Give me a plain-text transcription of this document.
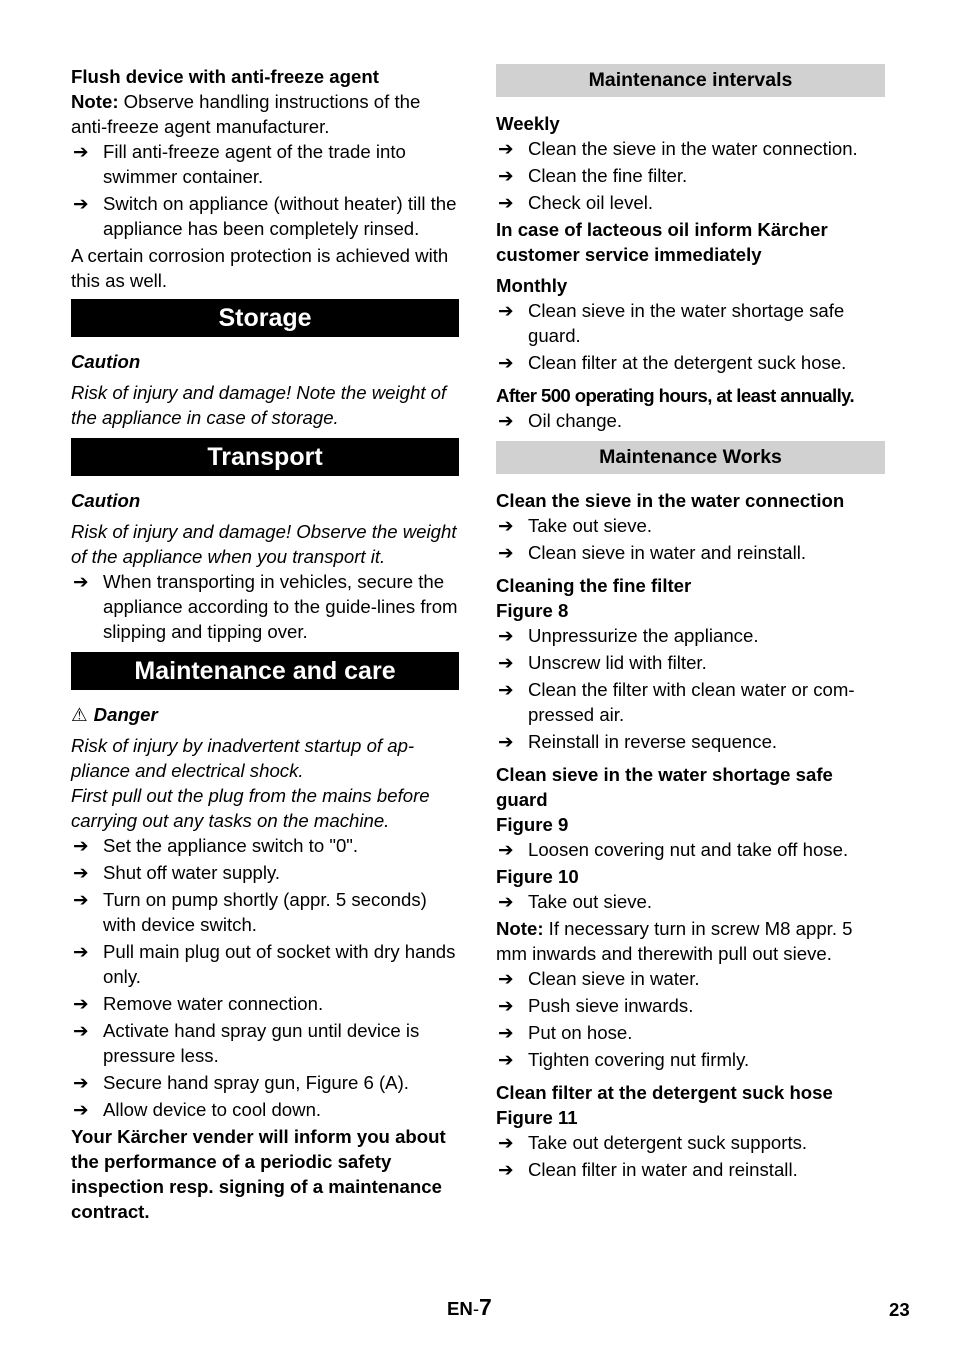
Flush device with anti-freeze agent

Note: Observe handling instructions of the anti-freeze agent manufacturer.

➔ Fill anti-freeze agent of the trade into swimmer container.
➔ Switch on appliance (without heater) till the appliance has been completely rinsed.

A certain corrosion protection is achieved with this as well.

Storage

Caution

Risk of injury and damage! Note the weight of the appliance in case of storage.

Transport

Caution

Risk of injury and damage! Observe the weight of the appliance when you transport it.

➔ When transporting in vehicles, secure the appliance according to the guide-lines from slipping and tipping over.
Maintenance and care

⚠ Danger

Risk of injury by inadvertent startup of ap-pliance and electrical shock.

First pull out the plug from the mains before carrying out any tasks on the machine.

➔ Set the appliance switch to "0".
➔ Shut off water supply.
➔ Turn on pump shortly (appr. 5 seconds) with device switch.
➔ Pull main plug out of socket with dry hands only.
➔ Remove water connection.
➔ Activate hand spray gun until device is pressure less.
➔ Secure hand spray gun, Figure 6 (A).
➔ Allow device to cool down.

Your Kärcher vender will inform you about the performance of a periodic safety inspection resp. signing of a maintenance contract.

Maintenance intervals

Weekly

➔ Clean the sieve in the water connection.
➔ Clean the fine filter.
➔ Check oil level.

In case of lacteous oil inform Kärcher customer service immediately

Monthly

➔ Clean sieve in the water shortage safe guard.
➔ Clean filter at the detergent suck hose.

After 500 operating hours, at least annually.

➔ Oil change.
Maintenance Works

Clean the sieve in the water connection

➔ Take out sieve.
➔ Clean sieve in water and reinstall.

Cleaning the fine filter

Figure 8

➔ Unpressurize the appliance.
➔ Unscrew lid with filter.
➔ Clean the filter with clean water or com-pressed air.
➔ Reinstall in reverse sequence.

Clean sieve in the water shortage safe guard

Figure 9

➔ Loosen covering nut and take off hose.

Figure 10

➔ Take out sieve.

Note: If necessary turn in screw M8 appr. 5 mm inwards and therewith pull out sieve.

➔ Clean sieve in water.
➔ Push sieve inwards.
➔ Put on hose.
➔ Tighten covering nut firmly.

Clean filter at the detergent suck hose

Figure 11

➔ Take out detergent suck supports.
➔ Clean filter in water and reinstall.
EN-7	23
